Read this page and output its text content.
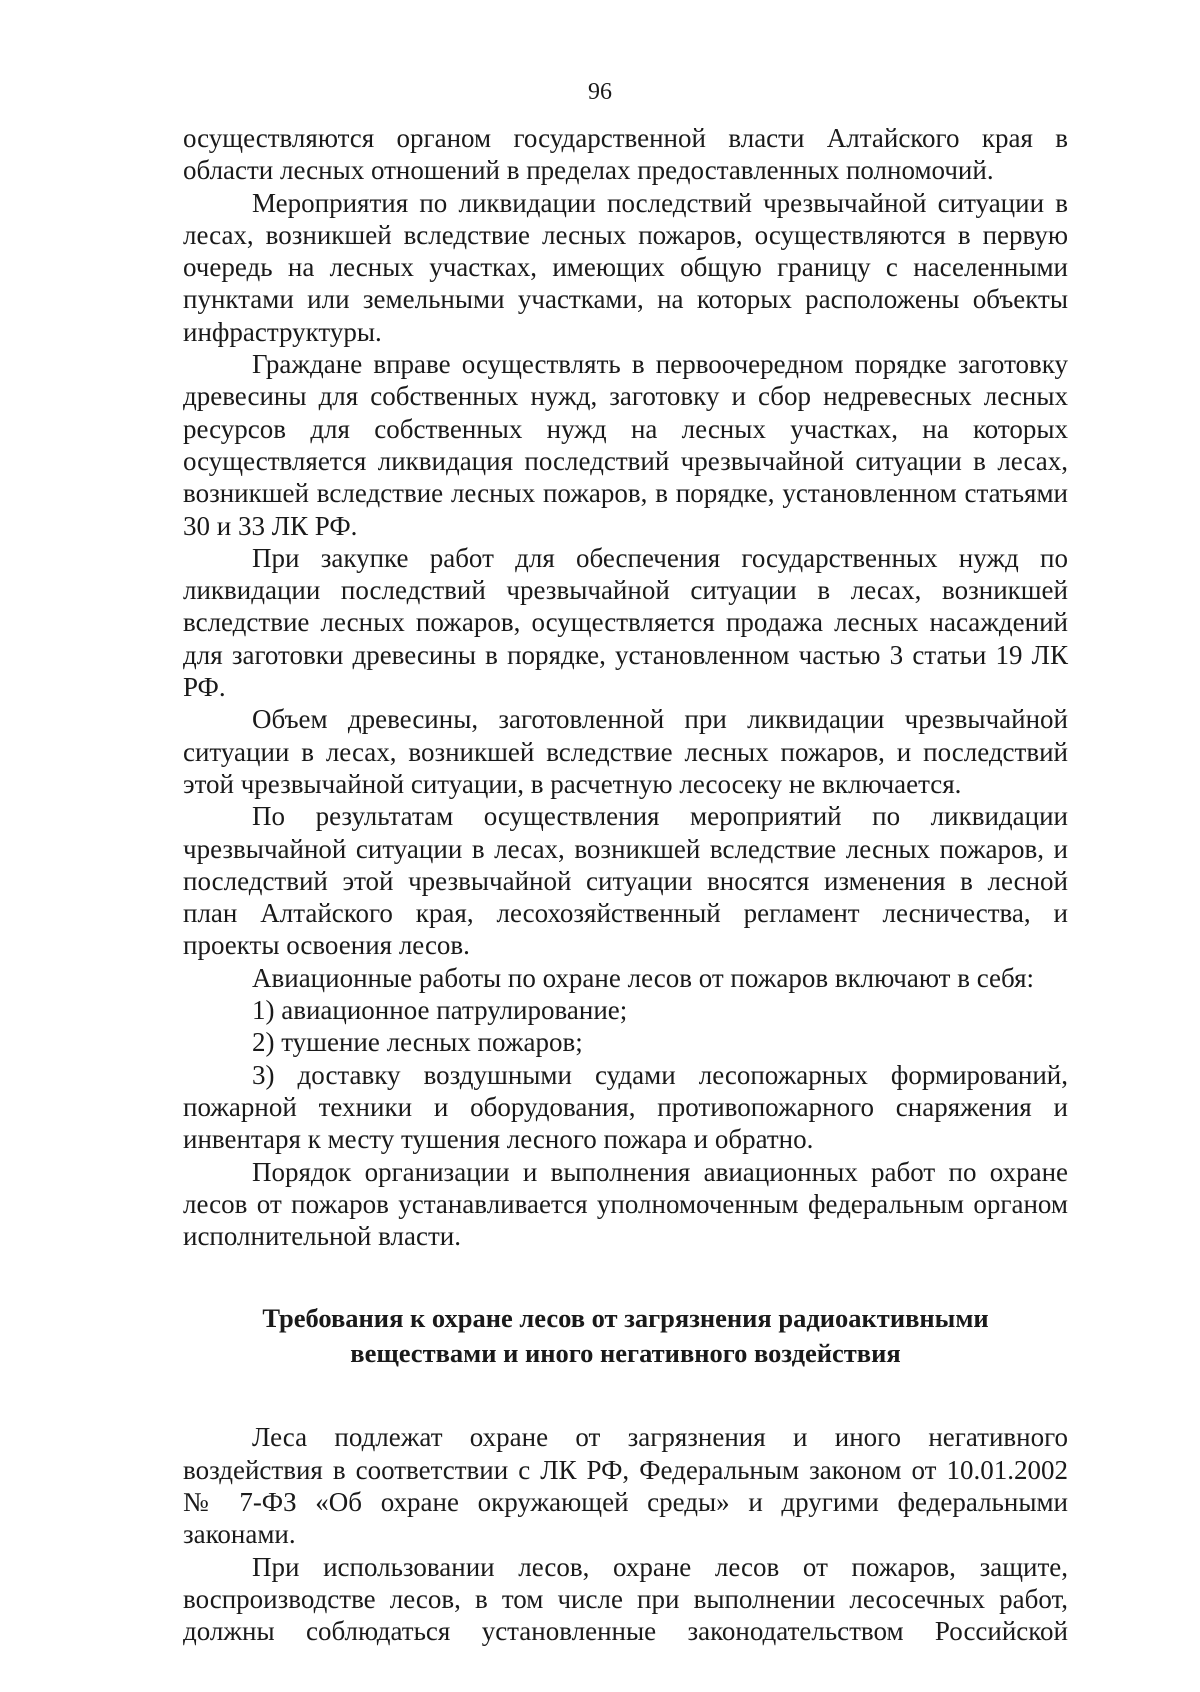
96

осуществляются органом государственной власти Алтайского края в области лесных отношений в пределах предоставленных полномочий.

Мероприятия по ликвидации последствий чрезвычайной ситуации в лесах, возникшей вследствие лесных пожаров, осуществляются в первую очередь на лесных участках, имеющих общую границу с населенными пунктами или земельными участками, на которых расположены объекты инфраструктуры.

Граждане вправе осуществлять в первоочередном порядке заготовку древесины для собственных нужд, заготовку и сбор недревесных лесных ресурсов для собственных нужд на лесных участках, на которых осуществляется ликвидация последствий чрезвычайной ситуации в лесах, возникшей вследствие лесных пожаров, в порядке, установленном статьями 30 и 33 ЛК РФ.

При закупке работ для обеспечения государственных нужд по ликвидации последствий чрезвычайной ситуации в лесах, возникшей вследствие лесных пожаров, осуществляется продажа лесных насаждений для заготовки древесины в порядке, установленном частью 3 статьи 19 ЛК РФ.

Объем древесины, заготовленной при ликвидации чрезвычайной ситуации в лесах, возникшей вследствие лесных пожаров, и последствий этой чрезвычайной ситуации, в расчетную лесосеку не включается.

По результатам осуществления мероприятий по ликвидации чрезвычайной ситуации в лесах, возникшей вследствие лесных пожаров, и последствий этой чрезвычайной ситуации вносятся изменения в лесной план Алтайского края, лесохозяйственный регламент лесничества, и проекты освоения лесов.

Авиационные работы по охране лесов от пожаров включают в себя:

1) авиационное патрулирование;

2) тушение лесных пожаров;

3) доставку воздушными судами лесопожарных формирований, пожарной техники и оборудования, противопожарного снаряжения и инвентаря к месту тушения лесного пожара и обратно.

Порядок организации и выполнения авиационных работ по охране лесов от пожаров устанавливается уполномоченным федеральным органом исполнительной власти.

Требования к охране лесов от загрязнения радиоактивными
веществами и иного негативного воздействия

Леса подлежат охране от загрязнения и иного негативного воздействия в соответствии с ЛК РФ, Федеральным законом от 10.01.2002 № 7-ФЗ «Об охране окружающей среды» и другими федеральными законами.

При использовании лесов, охране лесов от пожаров, защите, воспроизводстве лесов, в том числе при выполнении лесосечных работ, должны соблюдаться установленные законодательством Российской
